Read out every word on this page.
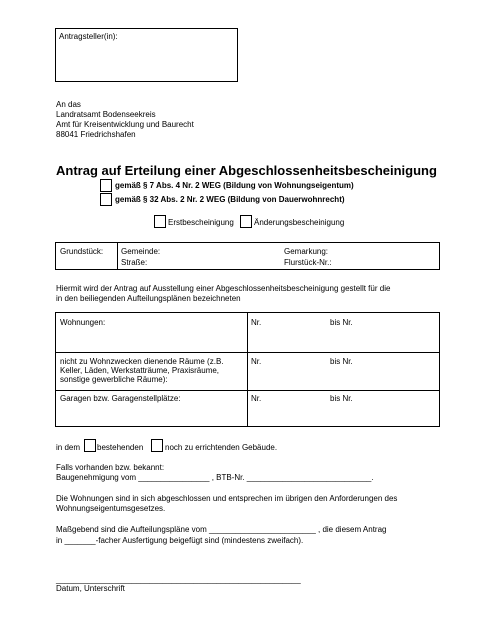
Antragsteller(in):
An das
Landratsamt Bodenseekreis
Amt für Kreisentwicklung und Baurecht
88041 Friedrichshafen
Antrag auf Erteilung einer Abgeschlossenheitsbescheinigung
gemäß § 7 Abs. 4 Nr. 2 WEG (Bildung von Wohnungseigentum)
gemäß § 32 Abs. 2 Nr. 2 WEG (Bildung von Dauerwohnrecht)
Erstbescheinigung	Änderungsbescheinigung
Grundstück: Gemeinde:	Gemarkung:
Straße:	Flurstück-Nr.:
Hiermit wird der Antrag auf Ausstellung einer Abgeschlossenheitsbescheinigung gestellt für die
in den beiliegenden Aufteilungsplänen bezeichneten
Wohnungen:	Nr.	bis Nr.
nicht zu Wohnzwecken dienende Räume (z.B.
Keller, Läden, Werkstatträume, Praxisräume,
sonstige gewerbliche Räume):
Nr.	bis Nr.
Garagen bzw. Garagenstellplätze:	Nr.	bis Nr.
in dem bestehenden	noch zu errichtenden Gebäude.
Falls vorhanden bzw. bekannt:
Baugenehmigung vom ________________ , BTB-Nr. ____________________________.
Die Wohnungen sind in sich abgeschlossen und entsprechen im übrigen den Anforderungen des
Wohnungseigentumsgesetzes.
Maßgebend sind die Aufteilungspläne vom ________________________ , die diesem Antrag
in _______-facher Ausfertigung beigefügt sind (mindestens zweifach).
_______________________________________________________
Datum, Unterschrift
